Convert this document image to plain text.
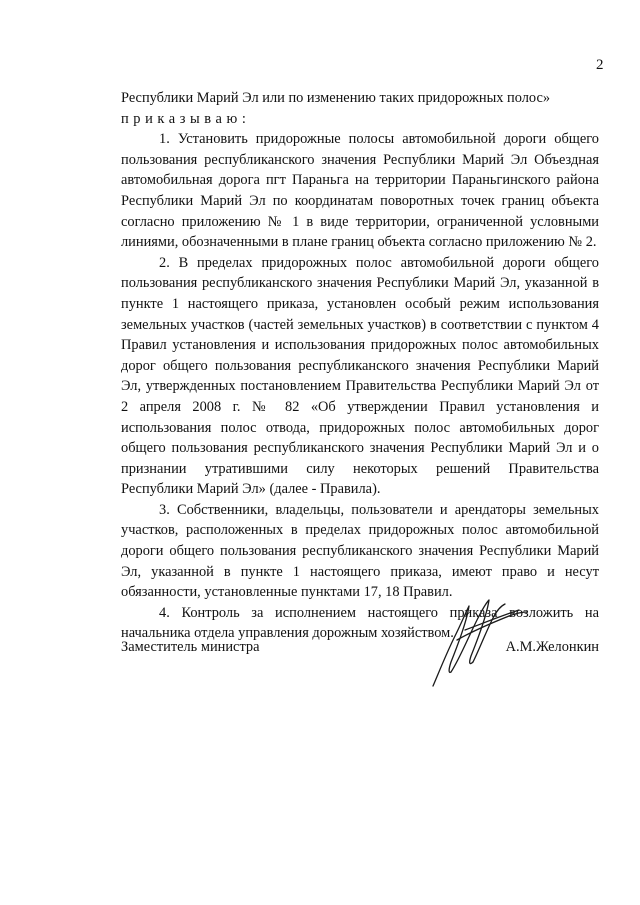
2

Республики Марий Эл или по изменению таких придорожных полос»

приказываю:

1. Установить придорожные полосы автомобильной дороги общего пользования республиканского значения Республики Марий Эл Объездная автомобильная дорога пгт Параньга на территории Параньгинского района Республики Марий Эл по координатам поворотных точек границ объекта согласно приложению № 1 в виде территории, ограниченной условными линиями, обозначенными в плане границ объекта согласно приложению № 2.

2. В пределах придорожных полос автомобильной дороги общего пользования республиканского значения Республики Марий Эл, указанной в пункте 1 настоящего приказа, установлен особый режим использования земельных участков (частей земельных участков) в соответствии с пунктом 4 Правил установления и использования придорожных полос автомобильных дорог общего пользования республиканского значения Республики Марий Эл, утвержденных постановлением Правительства Республики Марий Эл от 2 апреля 2008 г. № 82 «Об утверждении Правил установления и использования полос отвода, придорожных полос автомобильных дорог общего пользования республиканского значения Республики Марий Эл и о признании утратившими силу некоторых решений Правительства Республики Марий Эл» (далее - Правила).

3. Собственники, владельцы, пользователи и арендаторы земельных участков, расположенных в пределах придорожных полос автомобильной дороги общего пользования республиканского значения Республики Марий Эл, указанной в пункте 1 настоящего приказа, имеют право и несут обязанности, установленные пунктами 17, 18 Правил.

4. Контроль за исполнением настоящего приказа возложить на начальника отдела управления дорожным хозяйством.

Заместитель министра	А.М.Желонкин
